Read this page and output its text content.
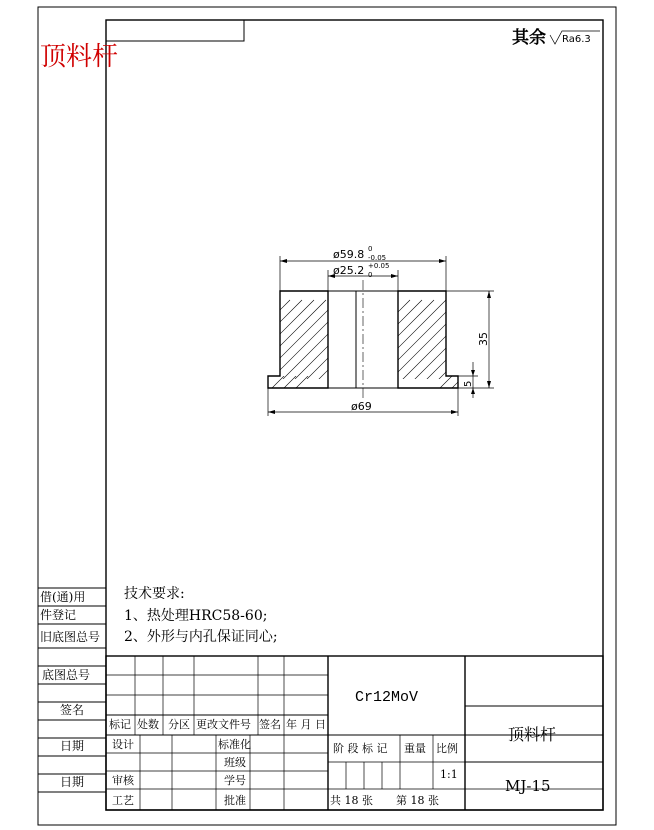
顶料杆
其余 Ra6.3
ø59.8 0
-0.05
ø25.2 +0.05
0
ø69
35
5
技术要求:
1、热处理HRC58-60;
2、外形与内孔保证同心;
借(通)用
件登记
旧底图总号
底图总号
签名
日期
日期
标记 处数 分区 更改文件号 签名 年 月 日
设计	标准化
班级
审核	学号
工艺	批准
Cr12MoV
顶料杆
MJ-15
阶 段 标 记 重量 比例
1:1
共 18 张 第 18 张
